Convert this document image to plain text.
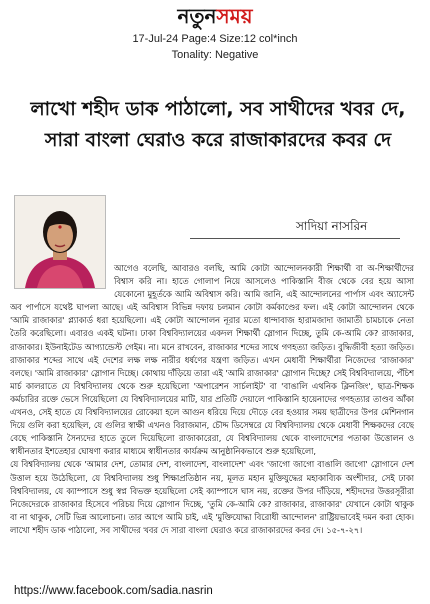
নতুনসময়
17-Jul-24 Page:4 Size:12 col*inch
Tonality: Negative
লাখো শহীদ ডাক পাঠালো, সব সাথীদের খবর দে, সারা বাংলা ঘেরাও করে রাজাকারদের কবর দে
সাদিয়া নাসরিন

আগেও বলেছি, আবারও বলছি, আমি কোটা আন্দোলনকারী শিক্ষার্থী বা অ-শিক্ষার্থীদের বিশ্বাস করি না। হাতে গোলাপ নিয়ে আসলেও পাকিস্তানি বীজ থেকে বের হয়ে আসা যেকোনো মুহূর্তকে আমি অবিশ্বাস করি। আমি জানি, এই আন্দোলনের পার্পাস এবং অ্যাসেন্ট অব পার্পাসে যথেষ্ট ঘাপলা আছে। এই অবিশ্বাস বিভিন্ন দফায় চলমান কোটা কর্মকাণ্ডের ফল। এই কোটা আন্দোলন থেকে 'আমি রাজাকার' প্ল্যাকার্ড ধরা হয়েছিলো। এই কোটা আন্দোলন নূরার মতো ধান্দাবাজ হারামজাদা জামাতী চামচাকে নেতা তৈরি করেছিলো। এবারও একই ঘটনা। ঢাকা বিশ্ববিদ্যালয়ের একদল শিক্ষার্থী স্লোগান দিচ্ছে, তুমি কে-আমি কে? রাজাকার, রাজাকার। ইউনাইটেড আগ্যান্ডেস্ট গেইম। না। মনে রাখবেন, রাজাকার শব্দের সাথে গণহত্যা জড়িত। বুদ্ধিজীবী হত্যা জড়িত। রাজাকার শব্দের সাথে এই দেশের লক্ষ লক্ষ নারীর ধর্ষণের যন্ত্রণা জড়িত। এখন মেধাবী শিক্ষার্থীরা নিজেদের 'রাজাকার' বলছে। 'আমি রাজাকার' স্লোগান দিচ্ছে। কোথায় দাঁড়িয়ে তারা এই 'আমি রাজাকার' স্লোগান দিচ্ছে? সেই বিশ্ববিদ্যালয়ে, পঁচিশ মার্চ কালরাতে যে বিশ্ববিদ্যালয় থেকে শুরু হয়েছিলো 'অপারেশন সার্চলাইট' বা 'বাঙালি এথনিক ক্লিনজিং', ছাত্র-শিক্ষক কর্মচারির রক্তে ভেসে গিয়েছিলো যে বিশ্ববিদ্যালয়ের মাটি, যার প্রতিটি দেয়ালে পাকিস্তানি হায়েনাদের গণহত্যার তাণ্ডব আঁকা এখনও, সেই হাতে যে বিশ্ববিদ্যালয়ের রোকেয়া হলে আগুন ধরিয়ে দিয়ে দৌড়ে বের হওয়ার সময় ছাত্রীদের উপর মেশিনগান দিয়ে গুলি করা হয়েছিল, যে গুলির স্বাক্ষী এখনও বিরাজমান, চৌদ্দ ডিসেম্বরে যে বিশ্ববিদ্যালয় থেকে মেধাবী শিক্ষকদের বেছে বেছে পাকিস্তানি সৈন্যদের হাতে তুলে দিয়েছিলো রাজাকারেরা, যে বিশ্ববিদ্যালয় থেকে বাংলাদেশের পতাকা উত্তোলন ও স্বাধীনতার ইশতেহার ঘোষণা করার মাধ্যমে স্বাধীনতার কার্যক্রম আনুষ্ঠানিকভাবে শুরু হয়েছিলো,

যে বিশ্ববিদ্যালয় থেকে 'আমার দেশ, তোমার দেশ, বাংলাদেশ, বাংলাদেশ' এবং 'জাগো জাগো বাঙালি জাগো' স্লোগানে দেশ উত্তাল হয়ে উঠেছিলো, যে বিশ্ববিদ্যালয় শুধু শিক্ষাপ্রতিষ্ঠান নয়, মূলত মহান মুক্তিযুদ্ধের মহাকাব্যিক অংশীদার, সেই ঢাকা বিশ্ববিদ্যালয়, যে ক্যাম্পাসে শুধু স্বপ্ন বিভক্ত হয়েছিলো সেই ক্যাম্পাসে ঘাস নয়, রক্তের উপর দাঁড়িয়ে, শহীদদের উত্তরসূরীরা নিজেদেরকে রাজাকার হিসেবে পরিচয় দিয়ে স্লোগান দিচ্ছে, 'তুমি কে-আমি কে? রাজাকার, রাজাকার' যেখানে কোটা থাকুক বা না থাকুক, সেটি ভিন্ন আলোচনা। তার আগে আমি চাই, এই 'মুক্তিযোদ্ধা বিরোধী আন্দোলন' রাষ্ট্রিয়ভাবেই দমন করা হোক। লাখো শহীদ ডাক পাঠালো, সব সাথীদের খবর দে সারা বাংলা ঘেরাও করে রাজাকারদের কবর দে। ১৫-৭-২৭।

https://www.facebook.com/sadia.nasrin
